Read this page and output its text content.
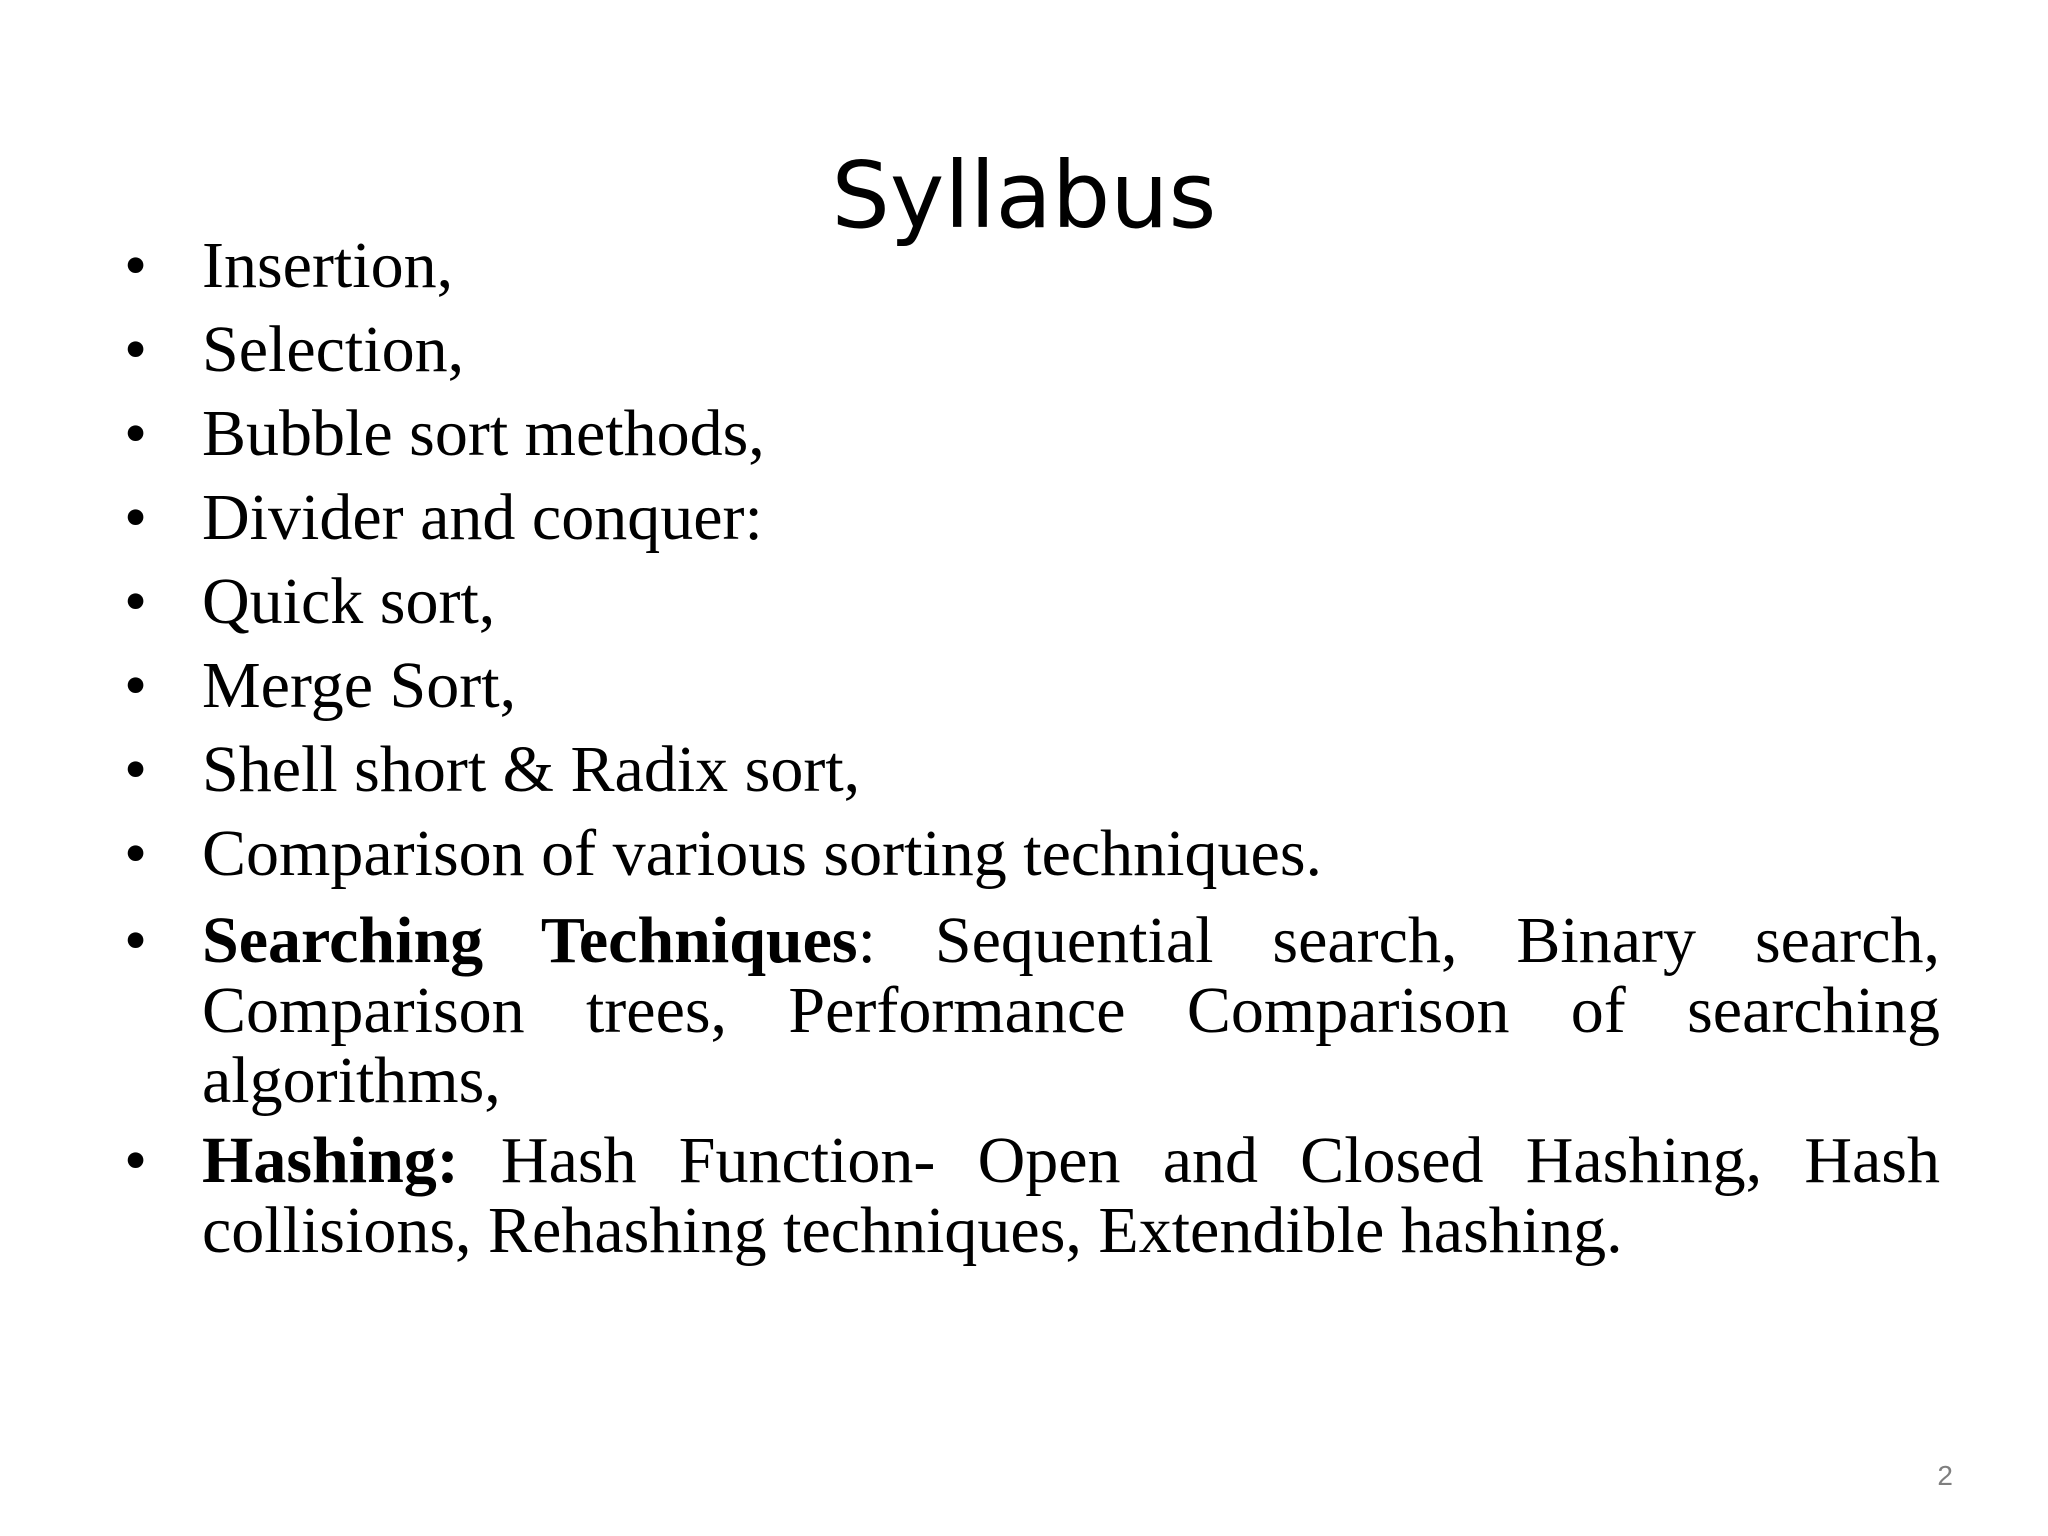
Syllabus
• Insertion,
• Selection,
• Bubble sort methods,
• Divider and conquer:
• Quick sort,
• Merge Sort,
• Shell short & Radix sort,
• Comparison of various sorting techniques.
• Searching Techniques: Sequential search, Binary search, Comparison trees, Performance Comparison of searching algorithms,
• Hashing: Hash Function- Open and Closed Hashing, Hash collisions, Rehashing techniques, Extendible hashing.
2
